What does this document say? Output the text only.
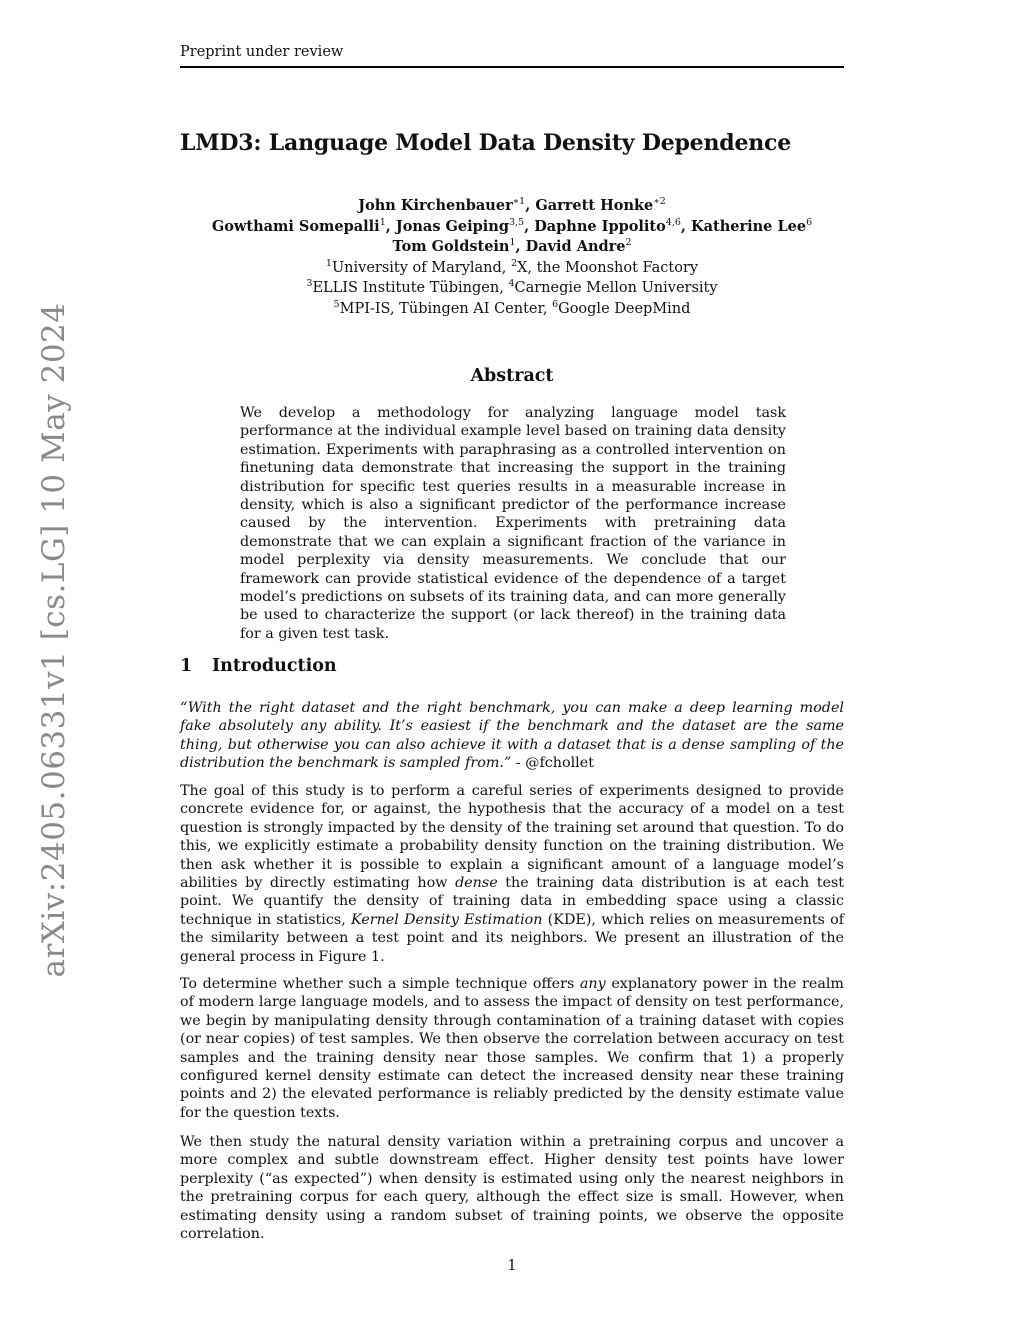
Preprint under review
LMD3: Language Model Data Density Dependence
John Kirchenbauer$^{∗1}$, Garrett Honke$^{∗2}$
Gowthami Somepalli$^1$, Jonas Geiping$^{3,5}$, Daphne Ippolito$^{4,6}$, Katherine Lee$^6$
Tom Goldstein$^1$, David Andre$^2$
$^1$University of Maryland, $^2$X, the Moonshot Factory
$^3$ELLIS Institute Tübingen, $^4$Carnegie Mellon University
$^5$MPI-IS, Tübingen AI Center, $^6$Google DeepMind
arXiv:2405.06331v1 [cs.LG] 10 May 2024	Abstract

We develop a methodology for analyzing language model task performance at the individual example level based on training data density estimation. Experiments with paraphrasing as a controlled intervention on finetuning data demonstrate that increasing the support in the training distribution for specific test queries results in a measurable increase in density, which is also a significant predictor of the performance increase caused by the intervention. Experiments with pretraining data demonstrate that we can explain a significant fraction of the variance in model perplexity via density measurements. We conclude that our framework can provide statistical evidence of the dependence of a target model’s predictions on subsets of its training data, and can more generally be used to characterize the support (or lack thereof) in the training data for a given test task.

1 Introduction

“With the right dataset and the right benchmark, you can make a deep learning model fake absolutely any ability. It’s easiest if the benchmark and the dataset are the same thing, but otherwise you can also achieve it with a dataset that is a dense sampling of the distribution the benchmark is sampled from.” - @fchollet

The goal of this study is to perform a careful series of experiments designed to provide concrete evidence for, or against, the hypothesis that the accuracy of a model on a test question is strongly impacted by the density of the training set around that question. To do this, we explicitly estimate a probability density function on the training distribution. We then ask whether it is possible to explain a significant amount of a language model’s abilities by directly estimating how dense the training data distribution is at each test point. We quantify the density of training data in embedding space using a classic technique in statistics, Kernel Density Estimation (KDE), which relies on measurements of the similarity between a test point and its neighbors. We present an illustration of the general process in Figure 1.

To determine whether such a simple technique offers any explanatory power in the realm of modern large language models, and to assess the impact of density on test performance, we begin by manipulating density through contamination of a training dataset with copies (or near copies) of test samples. We then observe the correlation between accuracy on test samples and the training density near those samples. We confirm that 1) a properly configured kernel density estimate can detect the increased density near these training points and 2) the elevated performance is reliably predicted by the density estimate value for the question texts.

We then study the natural density variation within a pretraining corpus and uncover a more complex and subtle downstream effect. Higher density test points have lower perplexity (“as expected”) when density is estimated using only the nearest neighbors in the pretraining corpus for each query, although the effect size is small. However, when estimating density using a random subset of training points, we observe the opposite correlation.

1
